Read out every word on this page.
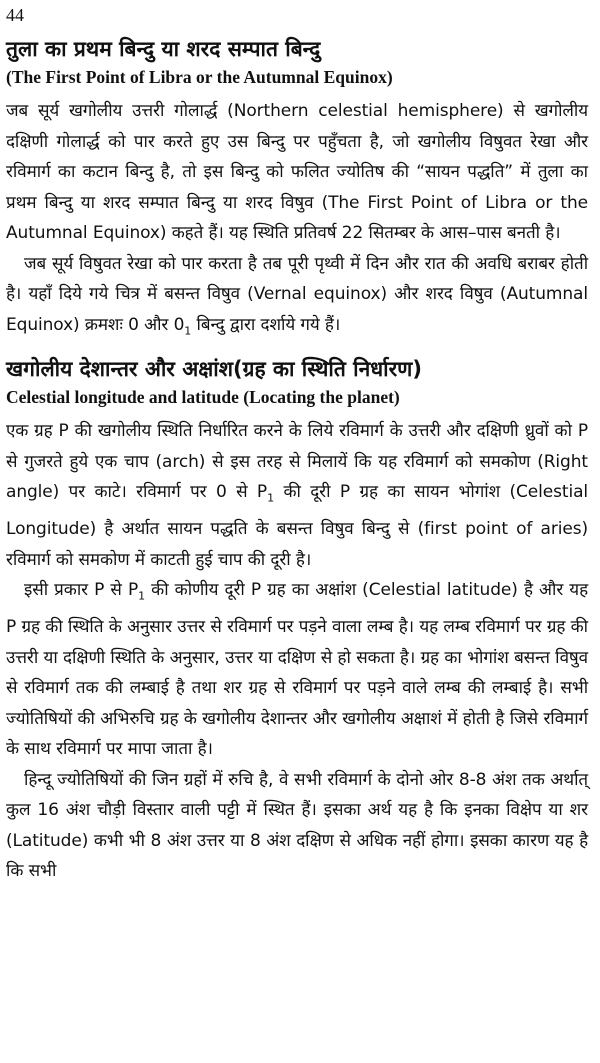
44
तुला का प्रथम बिन्दु या शरद सम्पात बिन्दु
(The First Point of Libra or the Autumnal Equinox)

जब सूर्य खगोलीय उत्तरी गोलार्द्ध (Northern celestial hemisphere) से खगोलीय दक्षिणी गोलार्द्ध को पार करते हुए उस बिन्दु पर पहुँचता है, जो खगोलीय विषुवत रेखा और रविमार्ग का कटान बिन्दु है, तो इस बिन्दु को फलित ज्योतिष की “सायन पद्धति” में तुला का प्रथम बिन्दु या शरद सम्पात बिन्दु या शरद विषुव (The First Point of Libra or the Autumnal Equinox) कहते हैं। यह स्थिति प्रतिवर्ष 22 सितम्बर के आस–पास बनती है।

जब सूर्य विषुवत रेखा को पार करता है तब पूरी पृथ्वी में दिन और रात की अवधि बराबर होती है। यहाँ दिये गये चित्र में बसन्त विषुव (Vernal equinox) और शरद विषुव (Autumnal Equinox) क्रमशः 0 और $0_1$ बिन्दु द्वारा दर्शाये गये हैं।

खगोलीय देशान्तर और अक्षांश(ग्रह का स्थिति निर्धारण)
Celestial longitude and latitude (Locating the planet)

एक ग्रह P की खगोलीय स्थिति निर्धारित करने के लिये रविमार्ग के उत्तरी और दक्षिणी ध्रुवों को P से गुजरते हुये एक चाप (arch) से इस तरह से मिलायें कि यह रविमार्ग को समकोण (Right angle) पर काटे। रविमार्ग पर 0 से $P_1$ की दूरी P ग्रह का सायन भोगांश (Celestial Longitude) है अर्थात सायन पद्धति के बसन्त विषुव बिन्दु से (first point of aries) रविमार्ग को समकोण में काटती हुई चाप की दूरी है।

इसी प्रकार P से $P_1$ की कोणीय दूरी P ग्रह का अक्षांश (Celestial latitude) है और यह P ग्रह की स्थिति के अनुसार उत्तर से रविमार्ग पर पड़ने वाला लम्ब है। यह लम्ब रविमार्ग पर ग्रह की उत्तरी या दक्षिणी स्थिति के अनुसार, उत्तर या दक्षिण से हो सकता है। ग्रह का भोगांश बसन्त विषुव से रविमार्ग तक की लम्बाई है तथा शर ग्रह से रविमार्ग पर पड़ने वाले लम्ब की लम्बाई है। सभी ज्योतिषियों की अभिरुचि ग्रह के खगोलीय देशान्तर और खगोलीय अक्षाशं में होती है जिसे रविमार्ग के साथ रविमार्ग पर मापा जाता है।

हिन्दू ज्योतिषियों की जिन ग्रहों में रुचि है, वे सभी रविमार्ग के दोनो ओर 8-8 अंश तक अर्थात् कुल 16 अंश चौड़ी विस्तार वाली पट्टी में स्थित हैं। इसका अर्थ यह है कि इनका विक्षेप या शर (Latitude) कभी भी 8 अंश उत्तर या 8 अंश दक्षिण से अधिक नहीं होगा। इसका कारण यह है कि सभी
